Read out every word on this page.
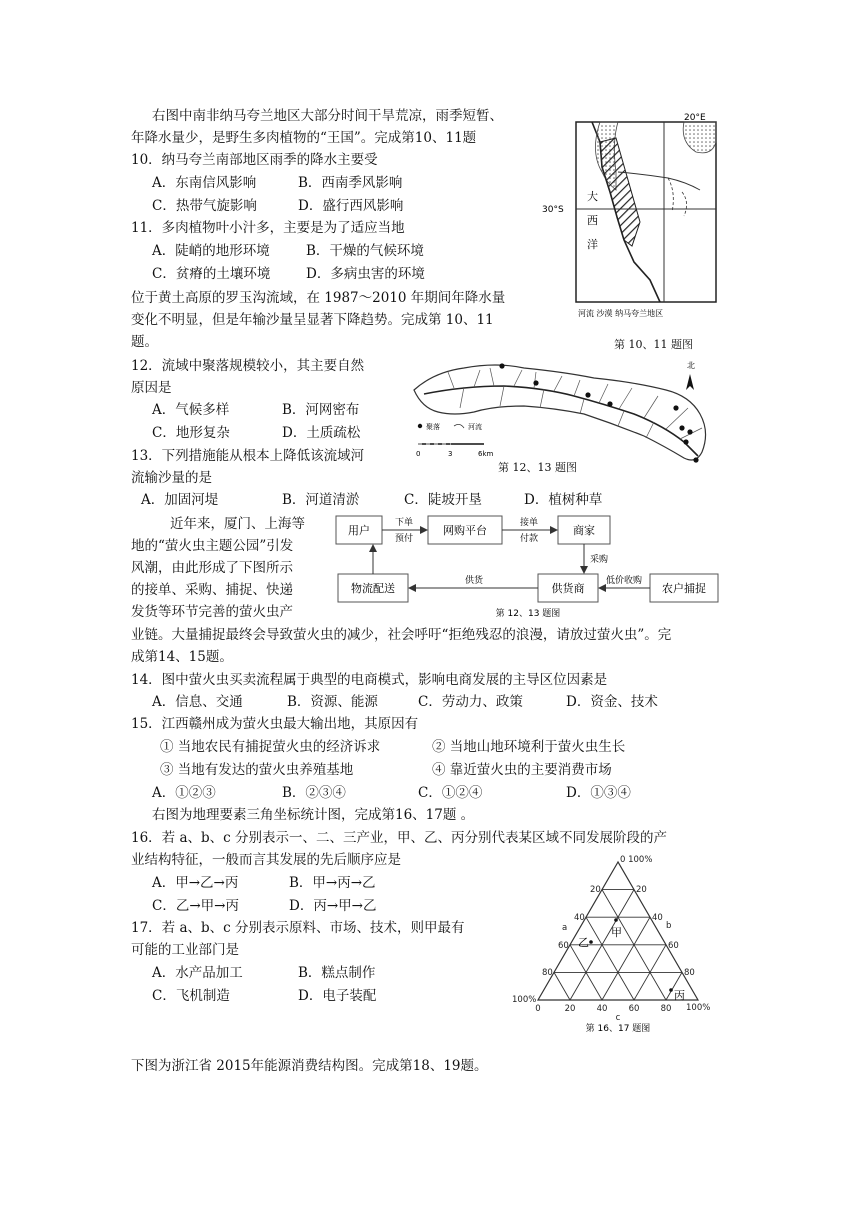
右图中南非纳马夸兰地区大部分时间干旱荒凉，雨季短暂、
年降水量少，是野生多肉植物的“王国”。完成第10、11题
10．纳马夸兰南部地区雨季的降水主要受
A．东南信风影响	B．西南季风影响
C．热带气旋影响	D．盛行西风影响
11．多肉植物叶小汁多，主要是为了适应当地
A．陡峭的地形环境	B．干燥的气候环境
C．贫瘠的土壤环境	D．多病虫害的环境
20°E
30°S
大
西
洋
河流 沙漠 纳马夸兰地区
第 10、11 题图
位于黄土高原的罗玉沟流域，在 1987～2010 年期间年降水量
变化不明显，但是年输沙量呈显著下降趋势。完成第 10、11
题。
12．流域中聚落规模较小，其主要自然
原因是
A．气候多样	B．河网密布
C．地形复杂	D．土质疏松
13．下列措施能从根本上降低该流域河
流输沙量的是
A．加固河堤	B．河道清淤	C．陡坡开垦	D．植树种草
北
聚落	河流
0	3	6km
第 12、13 题图
近年来，厦门、上海等
地的“萤火虫主题公园”引发
风潮，由此形成了下图所示
的接单、采购、捕捉、快递
发货等环节完善的萤火虫产
业链。大量捕捉最终会导致萤火虫的减少，社会呼吁“拒绝残忍的浪漫，请放过萤火虫”。完
成第14、15题。
用户	网购平台	商家
物流配送	供货商	农户捕捉
下单
预付
接单
付款
采购
低价收购
供货
第 12、13 题图
14．图中萤火虫买卖流程属于典型的电商模式，影响电商发展的主导区位因素是
A．信息、交通	B．资源、能源	C．劳动力、政策	D．资金、技术
15．江西赣州成为萤火虫最大输出地，其原因有
① 当地农民有捕捉萤火虫的经济诉求	② 当地山地环境利于萤火虫生长
③ 当地有发达的萤火虫养殖基地	④ 靠近萤火虫的主要消费市场
A．①②③	B．②③④	C．①②④	D．①③④
右图为地理要素三角坐标统计图，完成第16、17题 。
16．若 a、b、c 分别表示一、二、三产业，甲、乙、丙分别代表某区域不同发展阶段的产
业结构特征，一般而言其发展的先后顺序应是
A．甲→乙→丙	B．甲→丙→乙
C．乙→甲→丙	D．丙→甲→乙
17．若 a、b、c 分别表示原料、市场、技术，则甲最有
可能的工业部门是
A．水产品加工	B．糕点制作
C．飞机制造	D．电子装配
0 100%
20
40
60
80
20
40
60
80
0	20 40 60 80
100%
100%
a	b
c
甲
乙
丙
第 16、17 题图
下图为浙江省 2015年能源消费结构图。完成第18、19题。
